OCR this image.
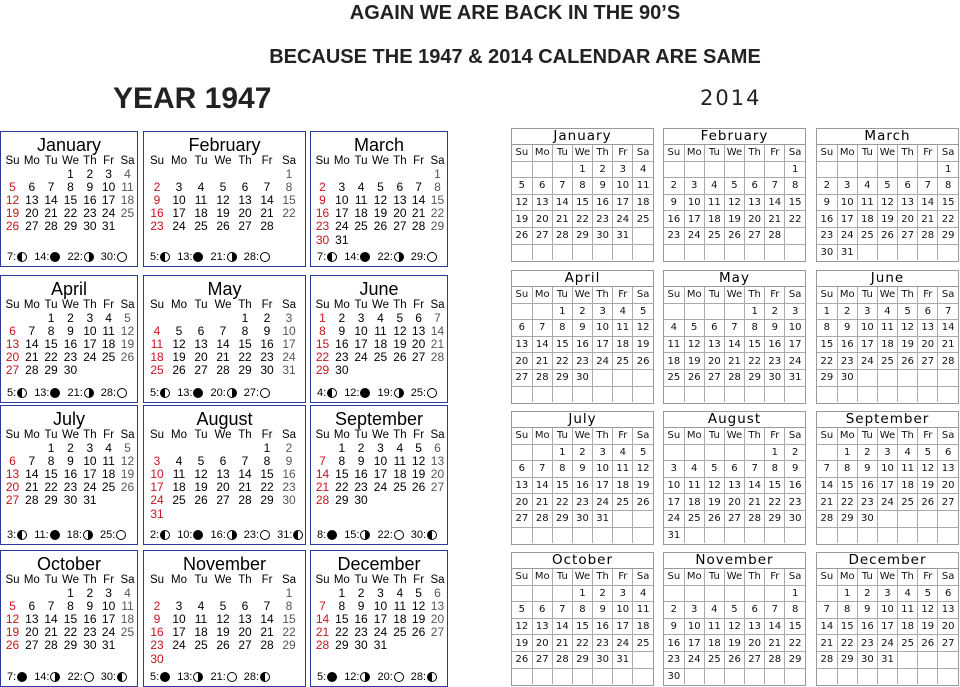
AGAIN WE ARE BACK IN THE 90’S
BECAUSE THE 1947 & 2014 CALENDAR ARE SAME
YEAR 1947	2014
January
Su	Mo	Tu	We	Th	Fr	Sa
			1	2	3	4
5	6	7	8	9	10	11
12	13	14	15	16	17	18
19	20	21	22	23	24	25
26	27	28	29	30	31	
7: 14: 22: 30:
February
Su	Mo	Tu	We	Th	Fr	Sa
						1
2	3	4	5	6	7	8
9	10	11	12	13	14	15
16	17	18	19	20	21	22
23	24	25	26	27	28	
5: 13: 21: 28:
March
Su	Mo	Tu	We	Th	Fr	Sa
						1
2	3	4	5	6	7	8
9	10	11	12	13	14	15
16	17	18	19	20	21	22
23	24	25	26	27	28	29
30	31					
7: 14: 22: 29:
April
Su	Mo	Tu	We	Th	Fr	Sa
		1	2	3	4	5
6	7	8	9	10	11	12
13	14	15	16	17	18	19
20	21	22	23	24	25	26
27	28	29	30			
5: 13: 21: 28:
May
Su	Mo	Tu	We	Th	Fr	Sa
				1	2	3
4	5	6	7	8	9	10
11	12	13	14	15	16	17
18	19	20	21	22	23	24
25	26	27	28	29	30	31
5: 13: 20: 27:
June
Su	Mo	Tu	We	Th	Fr	Sa
1	2	3	4	5	6	7
8	9	10	11	12	13	14
15	16	17	18	19	20	21
22	23	24	25	26	27	28
29	30					
4: 12: 19: 25:
July
Su	Mo	Tu	We	Th	Fr	Sa
		1	2	3	4	5
6	7	8	9	10	11	12
13	14	15	16	17	18	19
20	21	22	23	24	25	26
27	28	29	30	31		
3: 11: 18: 25:
August
Su	Mo	Tu	We	Th	Fr	Sa
					1	2
3	4	5	6	7	8	9
10	11	12	13	14	15	16
17	18	19	20	21	22	23
24	25	26	27	28	29	30
31						
2: 10: 16: 23: 31:
September
Su	Mo	Tu	We	Th	Fr	Sa
	1	2	3	4	5	6
7	8	9	10	11	12	13
14	15	16	17	18	19	20
21	22	23	24	25	26	27
28	29	30				
8: 15: 22: 30:
October
Su	Mo	Tu	We	Th	Fr	Sa
			1	2	3	4
5	6	7	8	9	10	11
12	13	14	15	16	17	18
19	20	21	22	23	24	25
26	27	28	29	30	31	
7: 14: 22: 30:
November
Su	Mo	Tu	We	Th	Fr	Sa
						1
2	3	4	5	6	7	8
9	10	11	12	13	14	15
16	17	18	19	20	21	22
23	24	25	26	27	28	29
30						
5: 13: 21: 28:
December
Su	Mo	Tu	We	Th	Fr	Sa
	1	2	3	4	5	6
7	8	9	10	11	12	13
14	15	16	17	18	19	20
21	22	23	24	25	26	27
28	29	30	31			
5: 12: 20: 28:
January
Su	Mo	Tu	We	Th	Fr	Sa
			1	2	3	4
5	6	7	8	9	10	11
12	13	14	15	16	17	18
19	20	21	22	23	24	25
26	27	28	29	30	31	

February
Su	Mo	Tu	We	Th	Fr	Sa
						1
2	3	4	5	6	7	8
9	10	11	12	13	14	15
16	17	18	19	20	21	22
23	24	25	26	27	28	

March
Su	Mo	Tu	We	Th	Fr	Sa
						1
2	3	4	5	6	7	8
9	10	11	12	13	14	15
16	17	18	19	20	21	22
23	24	25	26	27	28	29
30	31					
April
Su	Mo	Tu	We	Th	Fr	Sa
		1	2	3	4	5
6	7	8	9	10	11	12
13	14	15	16	17	18	19
20	21	22	23	24	25	26
27	28	29	30			

May
Su	Mo	Tu	We	Th	Fr	Sa
				1	2	3
4	5	6	7	8	9	10
11	12	13	14	15	16	17
18	19	20	21	22	23	24
25	26	27	28	29	30	31

June
Su	Mo	Tu	We	Th	Fr	Sa
1	2	3	4	5	6	7
8	9	10	11	12	13	14
15	16	17	18	19	20	21
22	23	24	25	26	27	28
29	30					

July
Su	Mo	Tu	We	Th	Fr	Sa
		1	2	3	4	5
6	7	8	9	10	11	12
13	14	15	16	17	18	19
20	21	22	23	24	25	26
27	28	29	30	31		

August
Su	Mo	Tu	We	Th	Fr	Sa
					1	2
3	4	5	6	7	8	9
10	11	12	13	14	15	16
17	18	19	20	21	22	23
24	25	26	27	28	29	30
31						
September
Su	Mo	Tu	We	Th	Fr	Sa
	1	2	3	4	5	6
7	8	9	10	11	12	13
14	15	16	17	18	19	20
21	22	23	24	25	26	27
28	29	30				

October
Su	Mo	Tu	We	Th	Fr	Sa
			1	2	3	4
5	6	7	8	9	10	11
12	13	14	15	16	17	18
19	20	21	22	23	24	25
26	27	28	29	30	31	

November
Su	Mo	Tu	We	Th	Fr	Sa
						1
2	3	4	5	6	7	8
9	10	11	12	13	14	15
16	17	18	19	20	21	22
23	24	25	26	27	28	29
30						
December
Su	Mo	Tu	We	Th	Fr	Sa
	1	2	3	4	5	6
7	8	9	10	11	12	13
14	15	16	17	18	19	20
21	22	23	24	25	26	27
28	29	30	31			
